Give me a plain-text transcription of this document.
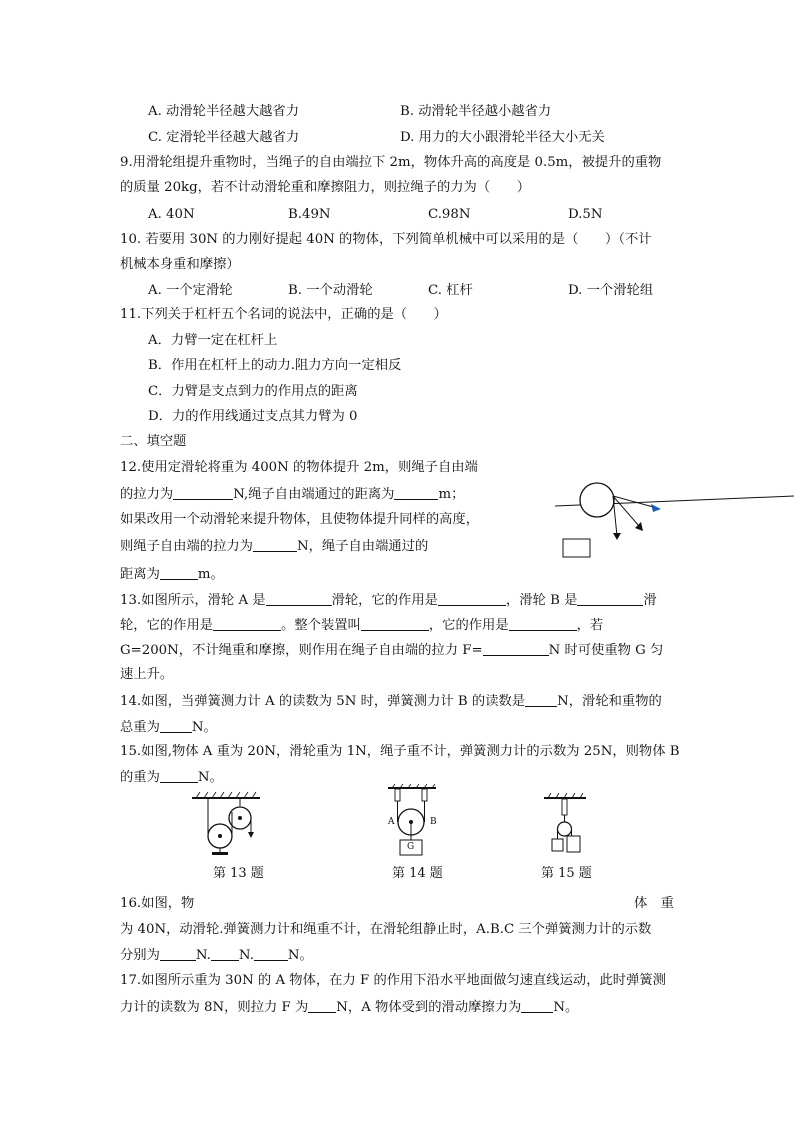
A. 动滑轮半径越大越省力	B. 动滑轮半径越小越省力
C. 定滑轮半径越大越省力	D. 用力的大小跟滑轮半径大小无关
9.用滑轮组提升重物时，当绳子的自由端拉下 2m，物体升高的高度是 0.5m，被提升的重物
的质量 20kg，若不计动滑轮重和摩擦阻力，则拉绳子的力为（　　）
A. 40N	B.49N	C.98N	D.5N
10. 若要用 30N 的力刚好提起 40N 的物体，下列简单机械中可以采用的是（　　）（不计
机械本身重和摩擦）
A. 一个定滑轮	B. 一个动滑轮	C. 杠杆	D. 一个滑轮组
11.下列关于杠杆五个名词的说法中，正确的是（　　）
A．力臂一定在杠杆上
B．作用在杠杆上的动力.阻力方向一定相反
C．力臂是支点到力的作用点的距离
D．力的作用线通过支点其力臂为 0
二、填空题
12.使用定滑轮将重为 400N 的物体提升 2m，则绳子自由端
的拉力为	N,绳子自由端通过的距离为	m；
如果改用一个动滑轮来提升物体，且使物体提升同样的高度，
则绳子自由端的拉力为	N，绳子自由端通过的
距离为	m。
13.如图所示，滑轮 A 是	滑轮，它的作用是	，滑轮 B 是	滑
轮，它的作用是	。整个装置叫	，它的作用是	，若
G=200N，不计绳重和摩擦，则作用在绳子自由端的拉力 F=	N 时可使重物 G 匀
速上升。
14.如图，当弹簧测力计 A 的读数为 5N 时，弹簧测力计 B 的读数是 N，滑轮和重物的
总重为 N。
15.如图,物体 A 重为 20N，滑轮重为 1N，绳子重不计，弹簧测力计的示数为 25N，则物体 B
的重为	N。
第 13 题
A	B
G
第 14 题	第 15 题
16.如图，物	体　重
为 40N，动滑轮.弹簧测力计和绳重不计，在滑轮组静止时，A.B.C 三个弹簧测力计的示数
分别为	N. N.	N。
17.如图所示重为 30N 的 A 物体，在力 F 的作用下沿水平地面做匀速直线运动，此时弹簧测
力计的读数为 8N，则拉力 F 为 N，A 物体受到的滑动摩擦力为 N。
